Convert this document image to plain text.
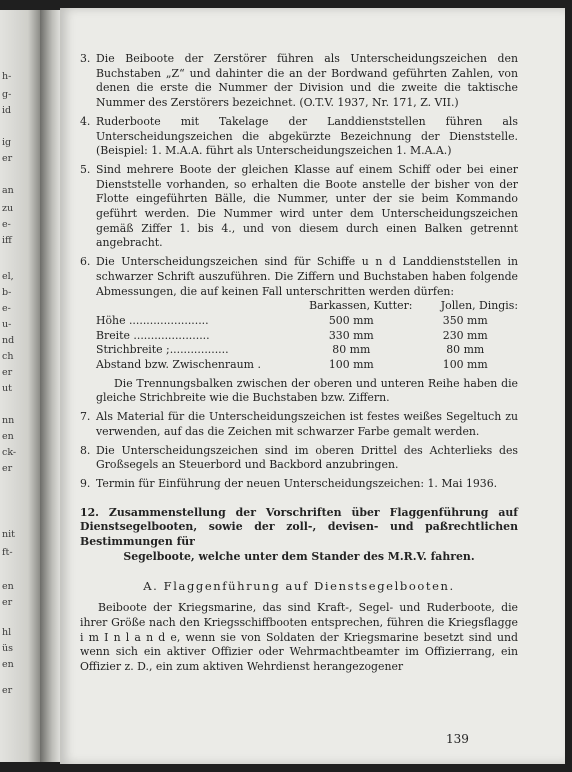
h-
g-
id
ig
er
an
zu
e-
iff
el,
b-
e-
u-
nd
ch
er
ut
nn
en
ck-
er
nit
ft-
en
er
hl
üs
en
er
3. Die Beiboote der Zerstörer führen als Unterscheidungszeichen den Buchstaben „Z“ und dahinter die an der Bordwand geführten Zahlen, von denen die erste die Nummer der Division und die zweite die taktische Nummer des Zerstörers bezeichnet. (O.T.V. 1937, Nr. 171, Z. VII.)
4. Ruderboote mit Takelage der Landdienststellen führen als Unterscheidungszeichen die abgekürzte Bezeichnung der Dienststelle. (Beispiel: 1. M.A.A. führt als Unterscheidungszeichen 1. M.A.A.)
5. Sind mehrere Boote der gleichen Klasse auf einem Schiff oder bei einer Dienststelle vorhanden, so erhalten die Boote anstelle der bisher von der Flotte eingeführten Bälle, die Nummer, unter der sie beim Kommando geführt werden. Die Nummer wird unter dem Unterscheidungszeichen gemäß Ziffer 1. bis 4., und von diesem durch einen Balken getrennt angebracht.
6. Die Unterscheidungszeichen sind für Schiffe u n d Landdienststellen in schwarzer Schrift auszuführen. Die Ziffern und Buchstaben haben folgende Abmessungen, die auf keinen Fall unterschritten werden dürfen:
	Barkassen, Kutter:	Jollen, Dingis:
Höhe .......................	500 mm	350 mm
Breite ......................	330 mm	230 mm
Strichbreite ;.................	80 mm	80 mm
Abstand bzw. Zwischenraum .	100 mm	100 mm
Die Trennungsbalken zwischen der oberen und unteren Reihe haben die gleiche Strichbreite wie die Buchstaben bzw. Ziffern.
7. Als Material für die Unterscheidungszeichen ist festes weißes Segeltuch zu verwenden, auf das die Zeichen mit schwarzer Farbe gemalt werden.
8. Die Unterscheidungszeichen sind im oberen Drittel des Achterlieks des Großsegels an Steuerbord und Backbord anzubringen.
9. Termin für Einführung der neuen Unterscheidungszeichen: 1. Mai 1936.
12. Zusammenstellung der Vorschriften über Flaggenführung auf Dienstsegelbooten, sowie der zoll-, devisen- und paßrechtlichen Bestimmungen für
Segelboote, welche unter dem Stander des M.R.V. fahren.
A. Flaggenführung auf Dienstsegelbooten.
Beiboote der Kriegsmarine, das sind Kraft-, Segel- und Ruderboote, die ihrer Größe nach den Kriegsschiffbooten entsprechen, führen die Kriegsflagge i m I n l a n d e, wenn sie von Soldaten der Kriegsmarine besetzt sind und wenn sich ein aktiver Offizier oder Wehrmachtbeamter im Offizierrang, ein Offizier z. D., ein zum aktiven Wehrdienst herangezogener
139
